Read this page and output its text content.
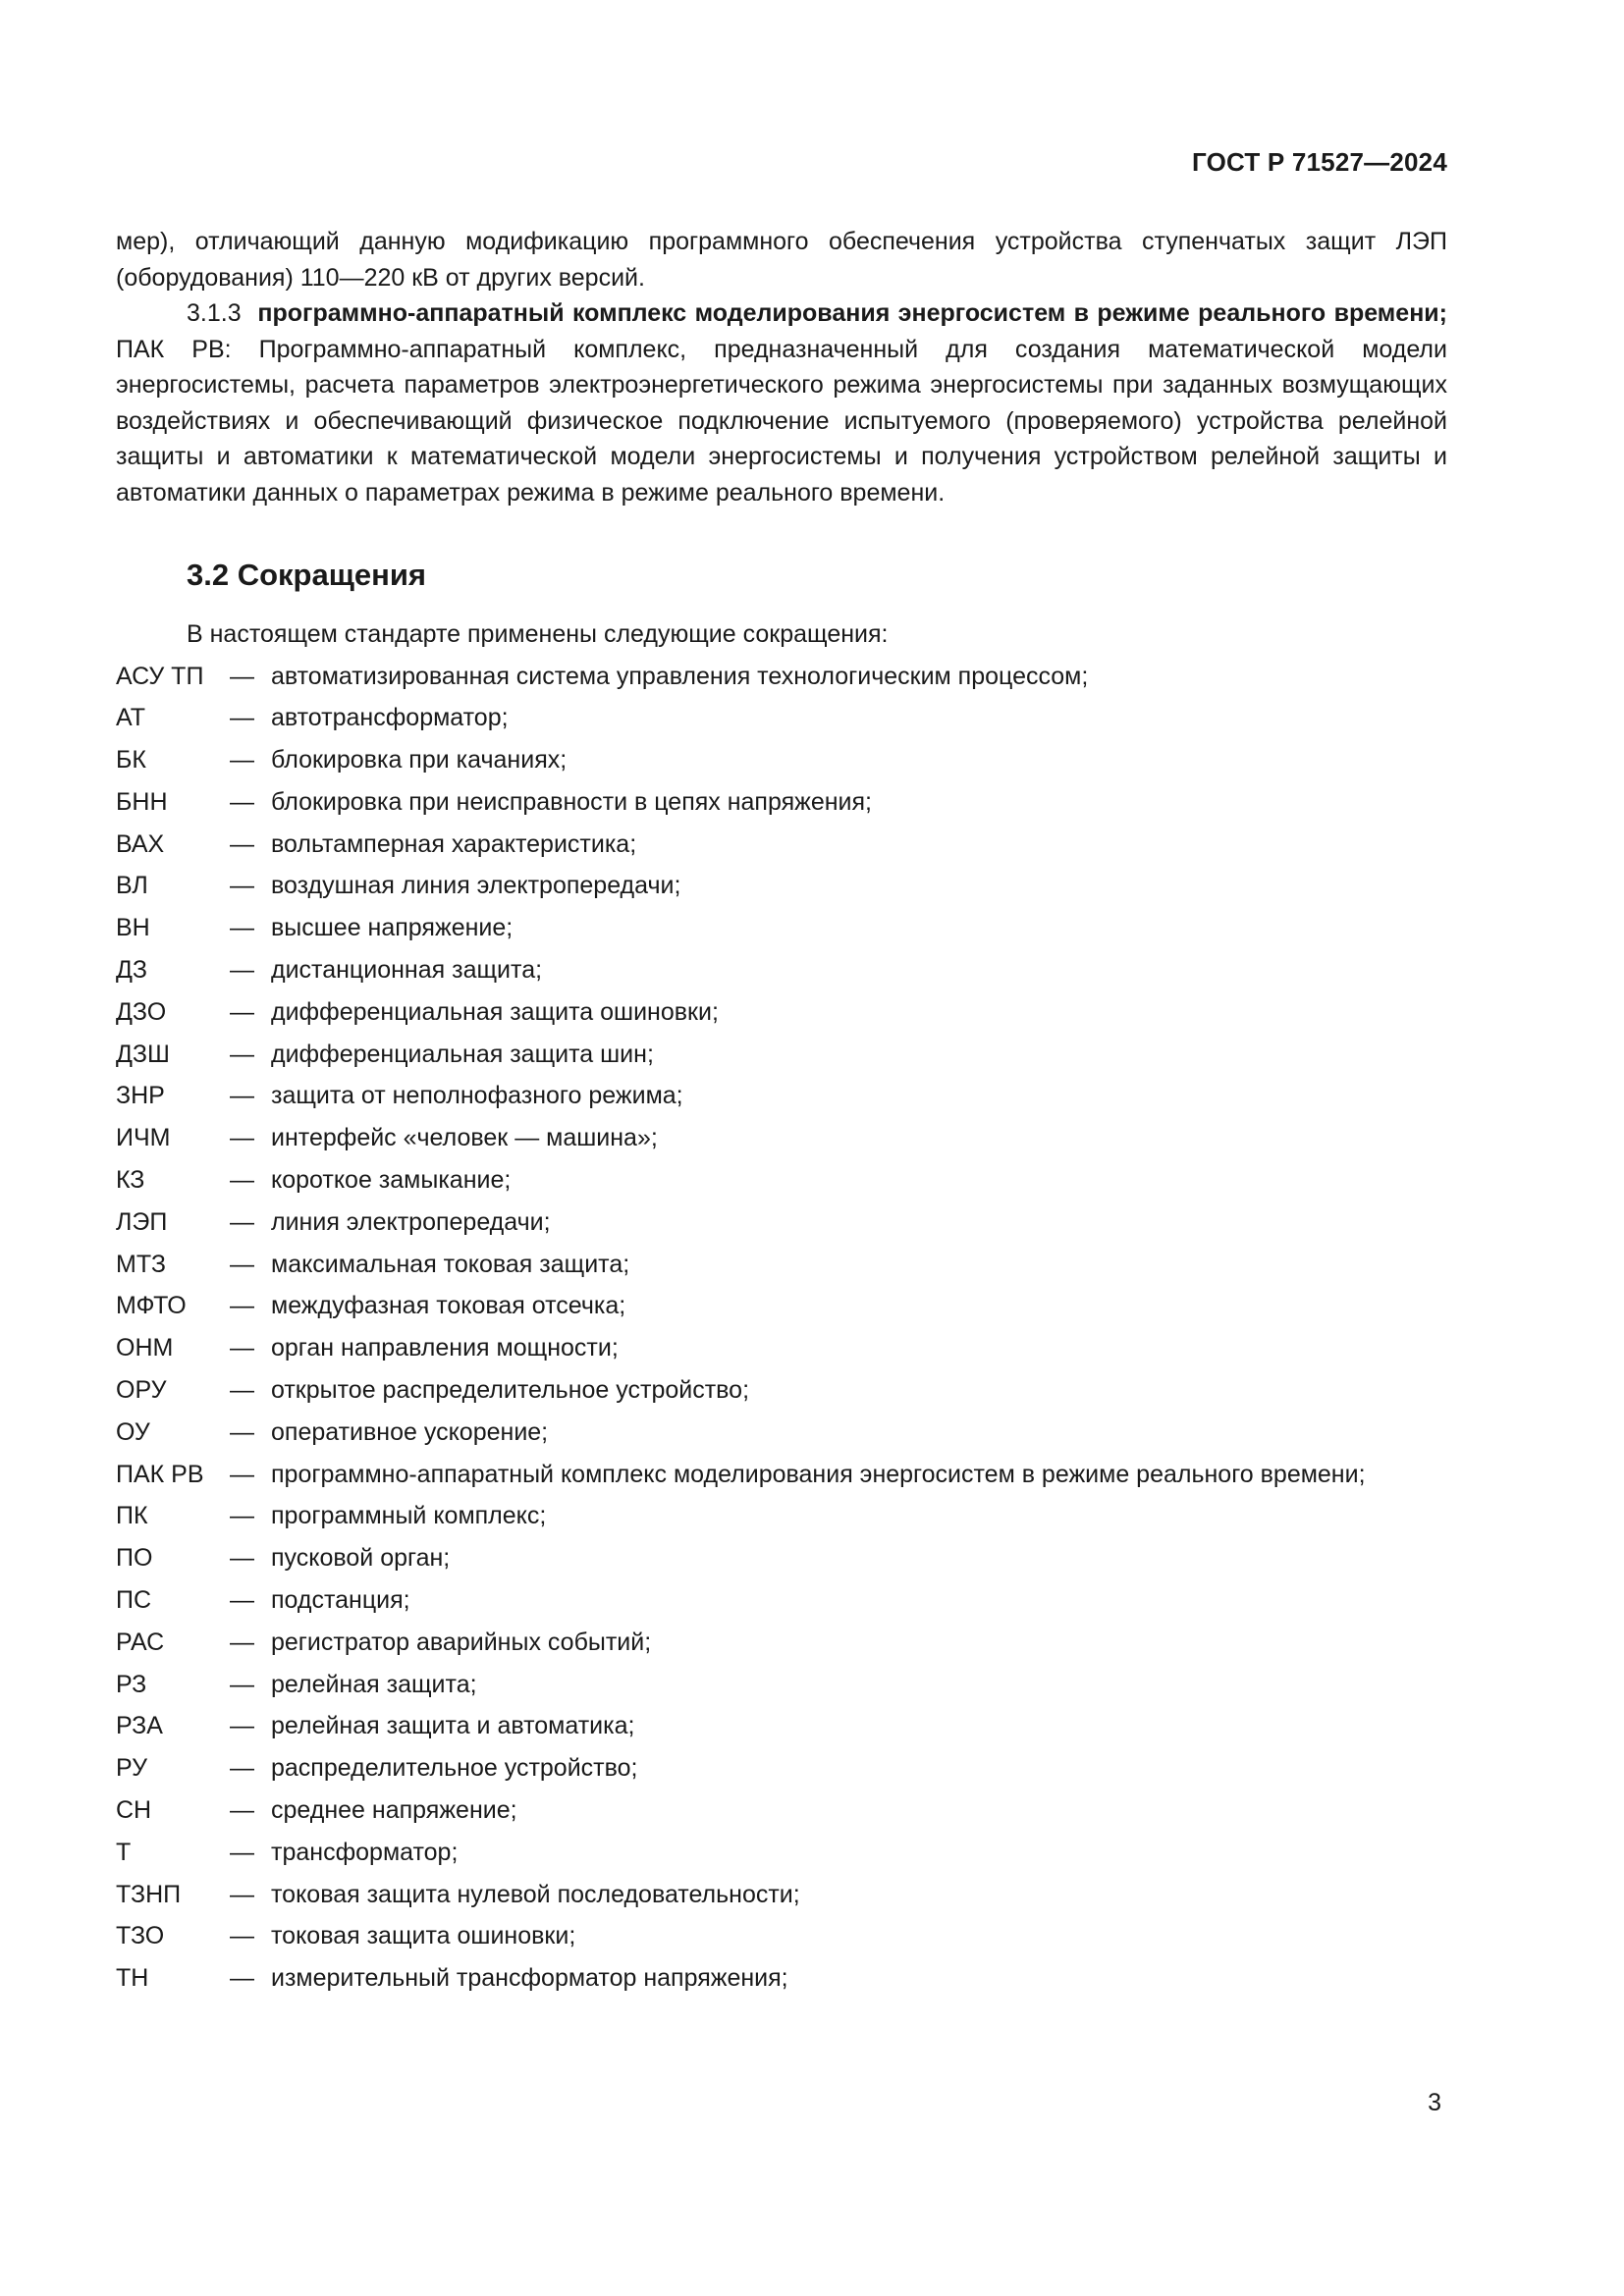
ГОСТ Р 71527—2024

мер), отличающий данную модификацию программного обеспечения устройства ступенчатых защит ЛЭП (оборудования) 110—220 кВ от других версий.

3.1.3 программно-аппаратный комплекс моделирования энергосистем в режиме реального времени; ПАК РВ: Программно-аппаратный комплекс, предназначенный для создания математической модели энергосистемы, расчета параметров электроэнергетического режима энергосистемы при заданных возмущающих воздействиях и обеспечивающий физическое подключение испытуемого (проверяемого) устройства релейной защиты и автоматики к математической модели энергосистемы и получения устройством релейной защиты и автоматики данных о параметрах режима в режиме реального времени.

3.2 Сокращения

В настоящем стандарте применены следующие сокращения:

АСУ ТП	— автоматизированная система управления технологическим процессом;
АТ	— автотрансформатор;
БК	— блокировка при качаниях;
БНН	— блокировка при неисправности в цепях напряжения;
ВАХ	— вольтамперная характеристика;
ВЛ	— воздушная линия электропередачи;
ВН	— высшее напряжение;
ДЗ	— дистанционная защита;
ДЗО	— дифференциальная защита ошиновки;
ДЗШ	— дифференциальная защита шин;
ЗНР	— защита от неполнофазного режима;
ИЧМ	— интерфейс «человек — машина»;
КЗ	— короткое замыкание;
ЛЭП	— линия электропередачи;
МТЗ	— максимальная токовая защита;
МФТО	— междуфазная токовая отсечка;
ОНМ	— орган направления мощности;
ОРУ	— открытое распределительное устройство;
ОУ	— оперативное ускорение;
ПАК РВ	— программно-аппаратный комплекс моделирования энергосистем в режиме реального времени;
ПК	— программный комплекс;
ПО	— пусковой орган;
ПС	— подстанция;
РАС	— регистратор аварийных событий;
РЗ	— релейная защита;
РЗА	— релейная защита и автоматика;
РУ	— распределительное устройство;
СН	— среднее напряжение;
Т	— трансформатор;
ТЗНП	— токовая защита нулевой последовательности;
ТЗО	— токовая защита ошиновки;
ТН	— измерительный трансформатор напряжения;
3
